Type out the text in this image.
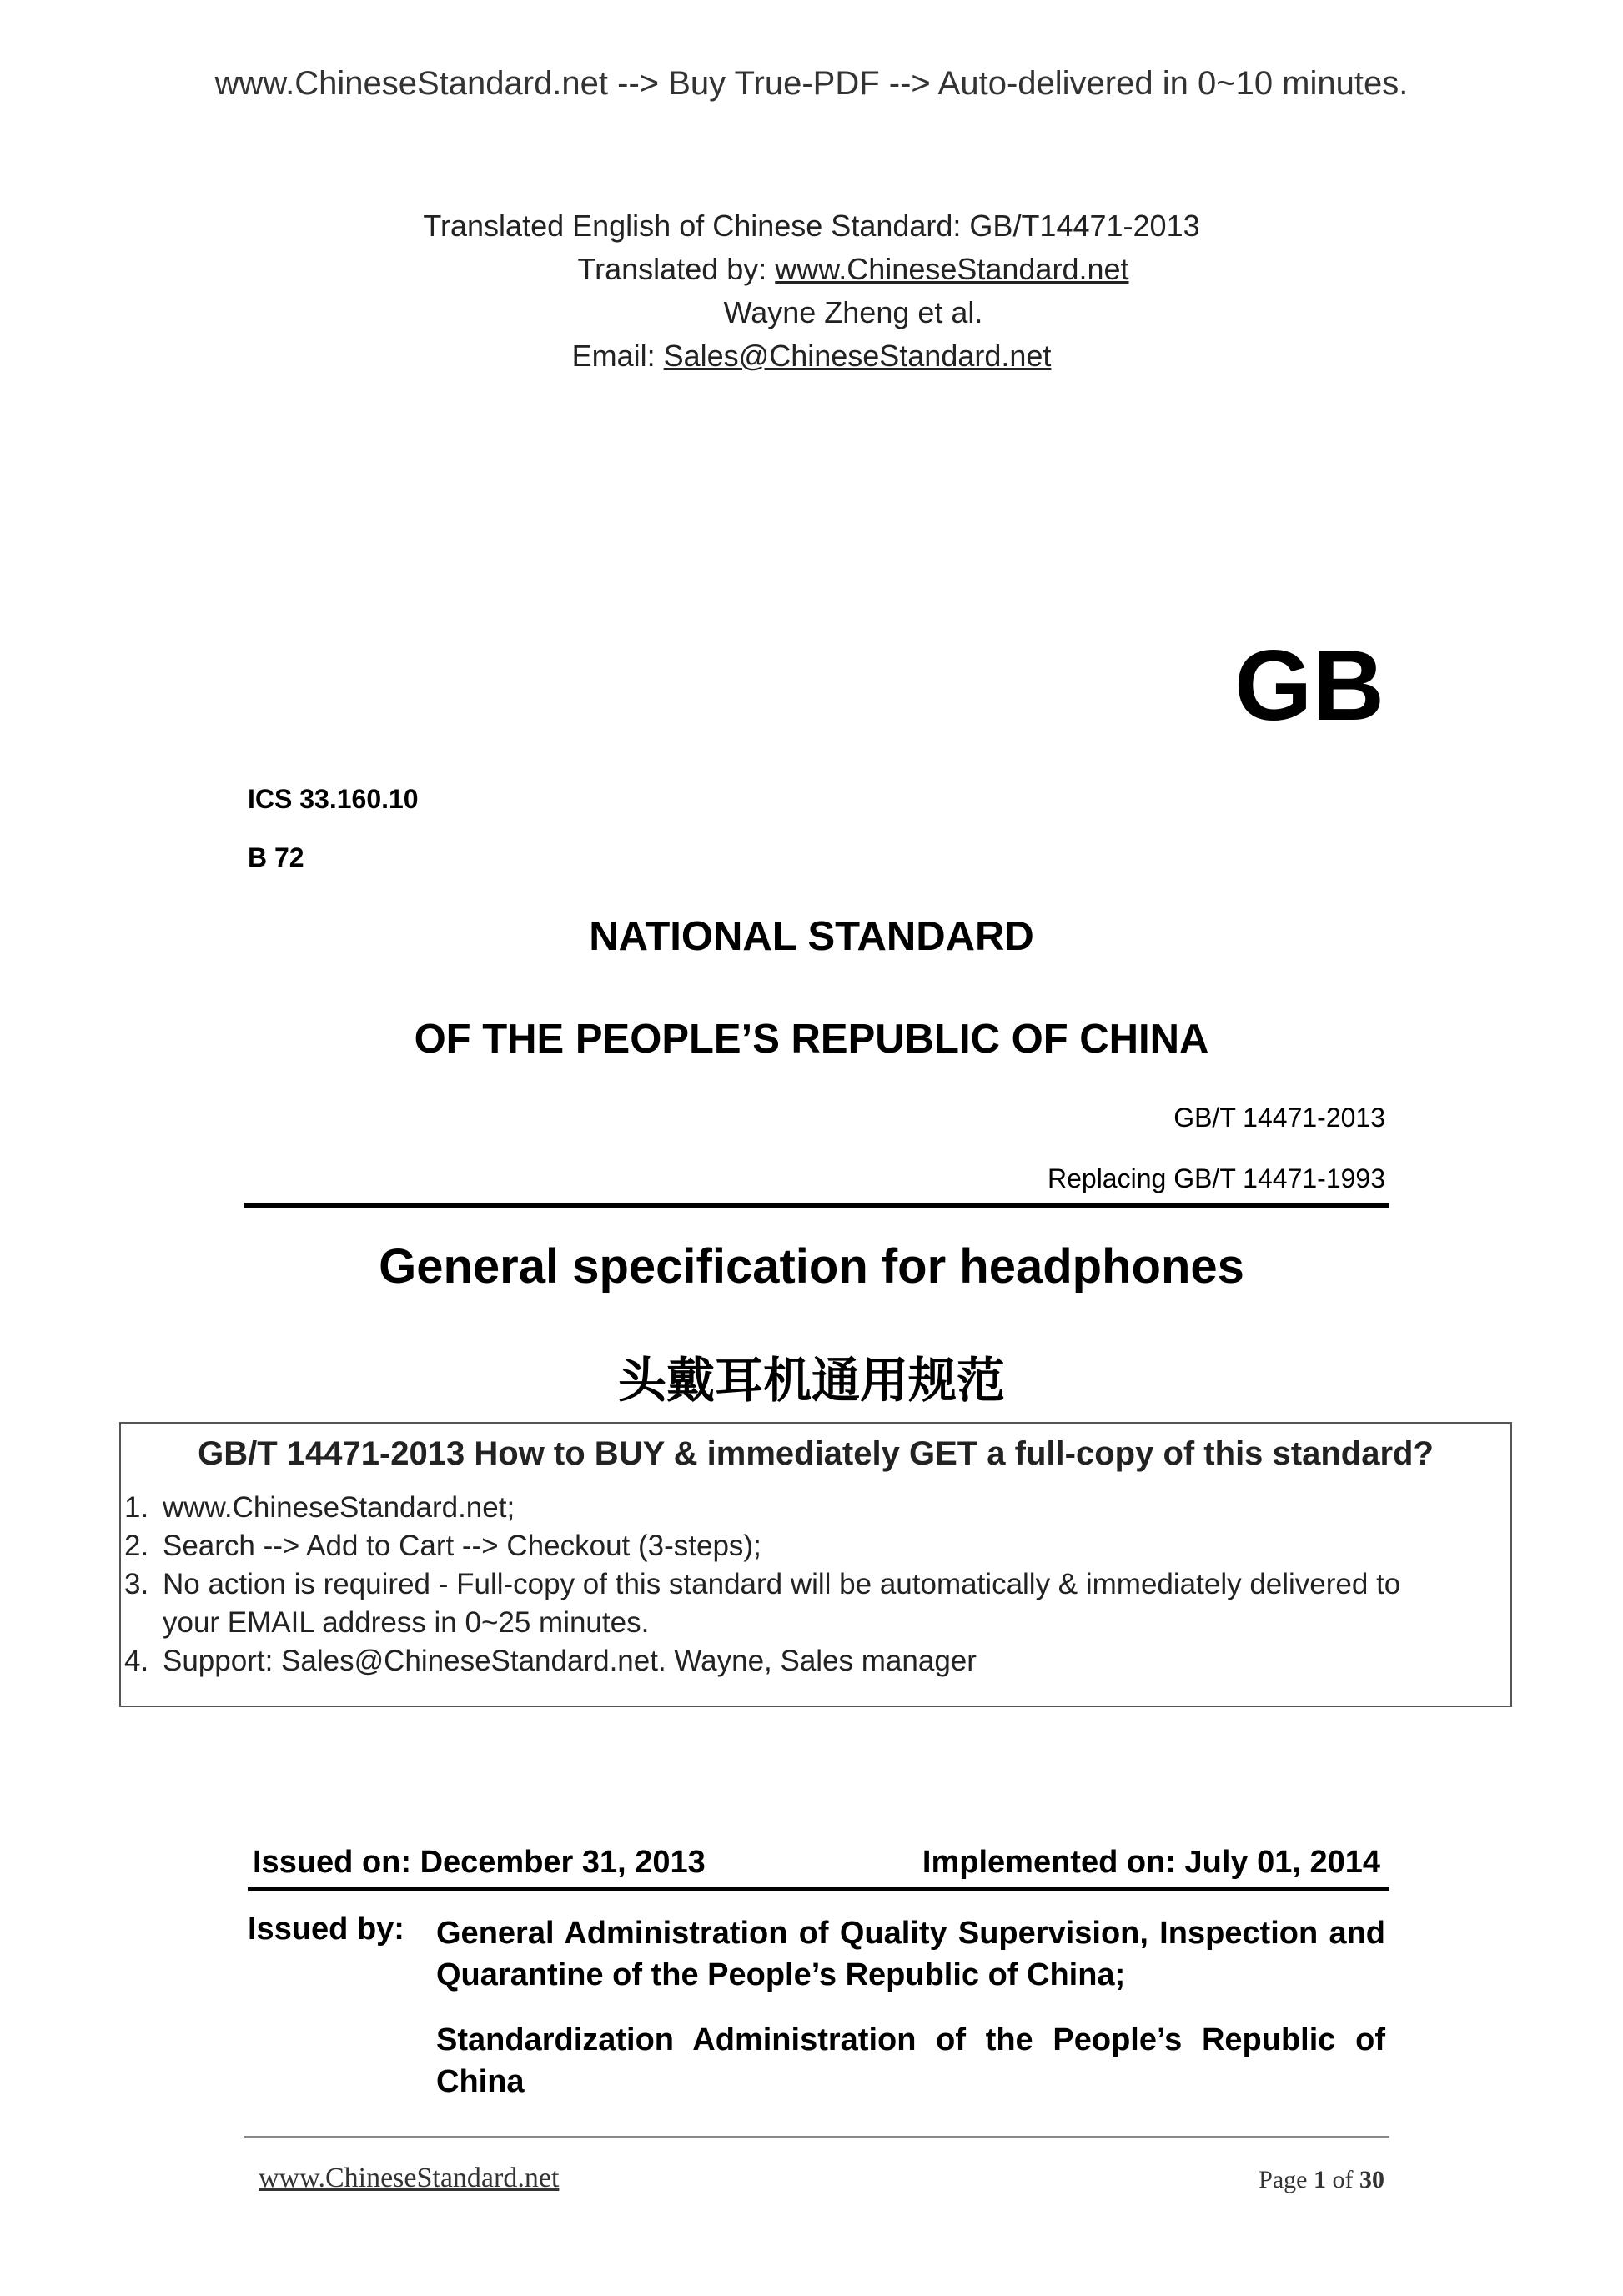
www.ChineseStandard.net --> Buy True-PDF --> Auto-delivered in 0~10 minutes.
Translated English of Chinese Standard: GB/T14471-2013
Translated by: www.ChineseStandard.net
Wayne Zheng et al.
Email: Sales@ChineseStandard.net
GB
ICS 33.160.10
B 72
NATIONAL STANDARD
OF THE PEOPLE’S REPUBLIC OF CHINA
GB/T 14471-2013
Replacing GB/T 14471-1993
General specification for headphones
头戴耳机通用规范
GB/T 14471-2013 How to BUY & immediately GET a full-copy of this standard?
1. www.ChineseStandard.net;
2. Search --> Add to Cart --> Checkout (3-steps);
3. No action is required - Full-copy of this standard will be automatically & immediately delivered to
your EMAIL address in 0~25 minutes.
4. Support: Sales@ChineseStandard.net. Wayne, Sales manager
Issued on: December 31, 2013	Implemented on: July 01, 2014
Issued by: General Administration of Quality Supervision, Inspection and Quarantine of the People’s Republic of China;
Standardization Administration of the People’s Republic of China
www.ChineseStandard.net	Page 1 of 30
